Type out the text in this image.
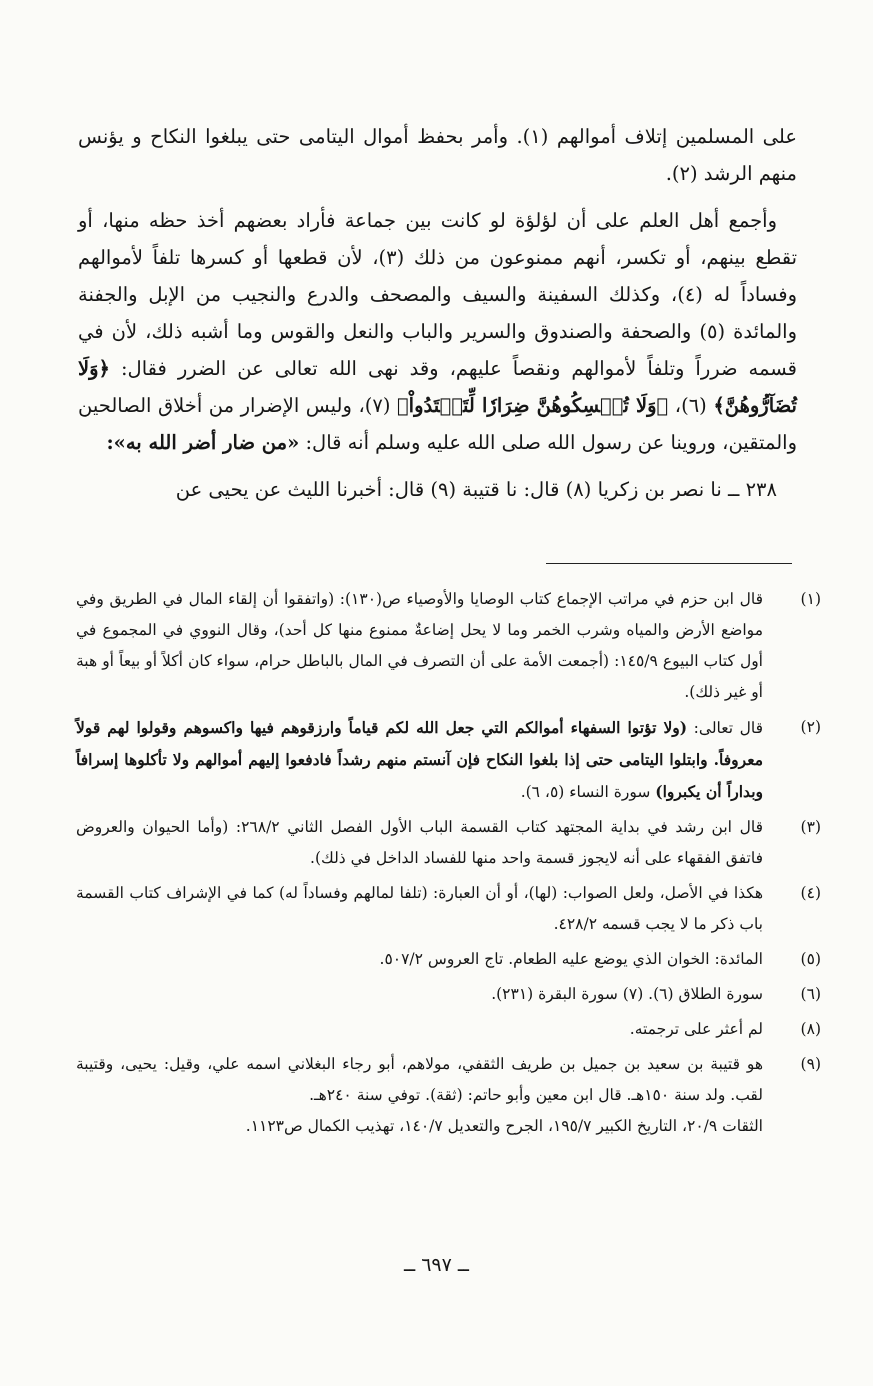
على المسلمين إتلاف أموالهم (١). وأمر بحفظ أموال اليتامى حتى يبلغوا النكاح و يؤنس منهم الرشد (٢).

وأجمع أهل العلم على أن لؤلؤة لو كانت بين جماعة فأراد بعضهم أخذ حظه منها، أو تقطع بينهم، أو تكسر، أنهم ممنوعون من ذلك (٣)، لأن قطعها أو كسرها تلفاً لأموالهم وفساداً له (٤)، وكذلك السفينة والسيف والمصحف والدرع والنجيب من الإبل والجفنة والمائدة (٥) والصحفة والصندوق والسرير والباب والنعل والقوس وما أشبه ذلك، لأن في قسمه ضرراً وتلفاً لأموالهم ونقصاً عليهم، وقد نهى الله تعالى عن الضرر فقال: ﴿وَلَا تُضَآرُّوهُنَّ﴾ (٦)، ﴿وَلَا تُمۡسِكُوهُنَّ ضِرَارٗا لِّتَعۡتَدُواْ﴾ (٧)، وليس الإضرار من أخلاق الصالحين والمتقين، وروينا عن رسول الله صلى الله عليه وسلم أنه قال: «من ضار أضر الله به»:

٢٣٨ ــ نا نصر بن زكريا (٨) قال: نا قتيبة (٩) قال: أخبرنا الليث عن يحيى عن

(١)
قال ابن حزم في مراتب الإجماع كتاب الوصايا والأوصياء ص(١٣٠): (واتفقوا أن إلقاء المال في الطريق وفي مواضع الأرض والمياه وشرب الخمر وما لا يحل إضاعةٌ ممنوع منها كل أحد)، وقال النووي في المجموع في أول كتاب البيوع ١٤٥/٩: (أجمعت الأمة على أن التصرف في المال بالباطل حرام، سواء كان أكلاً أو بيعاً أو هبة أو غير ذلك).
(٢)
قال تعالى: (ولا تؤتوا السفهاء أموالكم التي جعل الله لكم قياماً وارزقوهم فيها واكسوهم وقولوا لهم قولاً معروفاً. وابتلوا اليتامى حتى إذا بلغوا النكاح فإن آنستم منهم رشداً فادفعوا إليهم أموالهم ولا تأكلوها إسرافاً وبداراً أن يكبروا) سورة النساء (٥، ٦).
(٣)
قال ابن رشد في بداية المجتهد كتاب القسمة الباب الأول الفصل الثاني ٢٦٨/٢: (وأما الحيوان والعروض فاتفق الفقهاء على أنه لايجوز قسمة واحد منها للفساد الداخل في ذلك).
(٤)
هكذا في الأصل، ولعل الصواب: (لها)، أو أن العبارة: (تلفا لمالهم وفساداً له) كما في الإشراف كتاب القسمة باب ذكر ما لا يجب قسمه ٤٢٨/٢.
(٥)
المائدة: الخوان الذي يوضع عليه الطعام. تاج العروس ٥٠٧/٢.
(٦)
سورة الطلاق (٦). (٧) سورة البقرة (٢٣١).
(٨)
لم أعثر على ترجمته.
(٩)
هو قتيبة بن سعيد بن جميل بن طريف الثقفي، مولاهم، أبو رجاء البغلاني اسمه علي، وقيل: يحيى، وقتيبة لقب. ولد سنة ١٥٠هـ. قال ابن معين وأبو حاتم: (ثقة). توفي سنة ٢٤٠هـ.
الثقات ٢٠/٩، التاريخ الكبير ١٩٥/٧، الجرح والتعديل ١٤٠/٧، تهذيب الكمال ص١١٢٣.
ــ ٦٩٧ ــ
